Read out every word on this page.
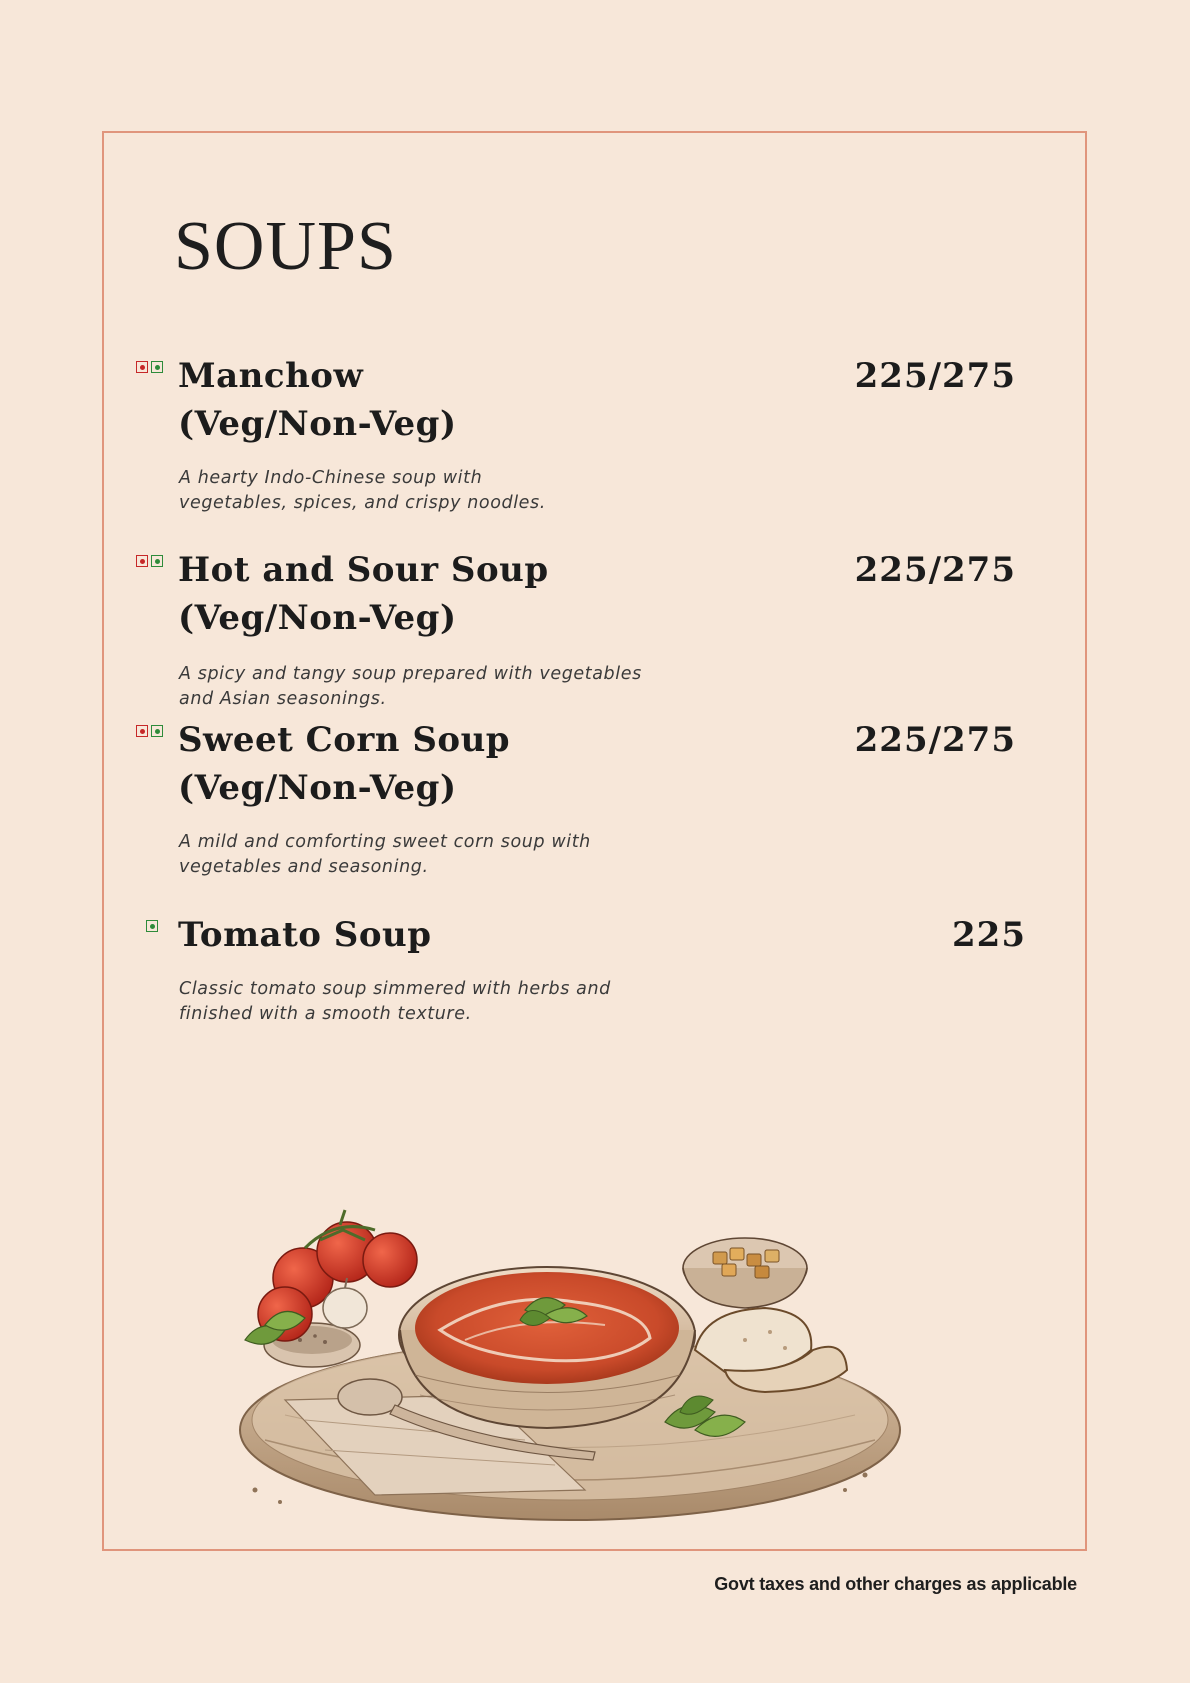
SOUPS
Manchow
(Veg/Non-Veg)
225/275
A hearty Indo-Chinese soup with
vegetables, spices, and crispy noodles.
Hot and Sour Soup
(Veg/Non-Veg)
225/275
A spicy and tangy soup prepared with vegetables
and Asian seasonings.
Sweet Corn Soup
(Veg/Non-Veg)
225/275
A mild and comforting sweet corn soup with
vegetables and seasoning.
Tomato Soup	225
Classic tomato soup simmered with herbs and
finished with a smooth texture.
Govt taxes and other charges as applicable
